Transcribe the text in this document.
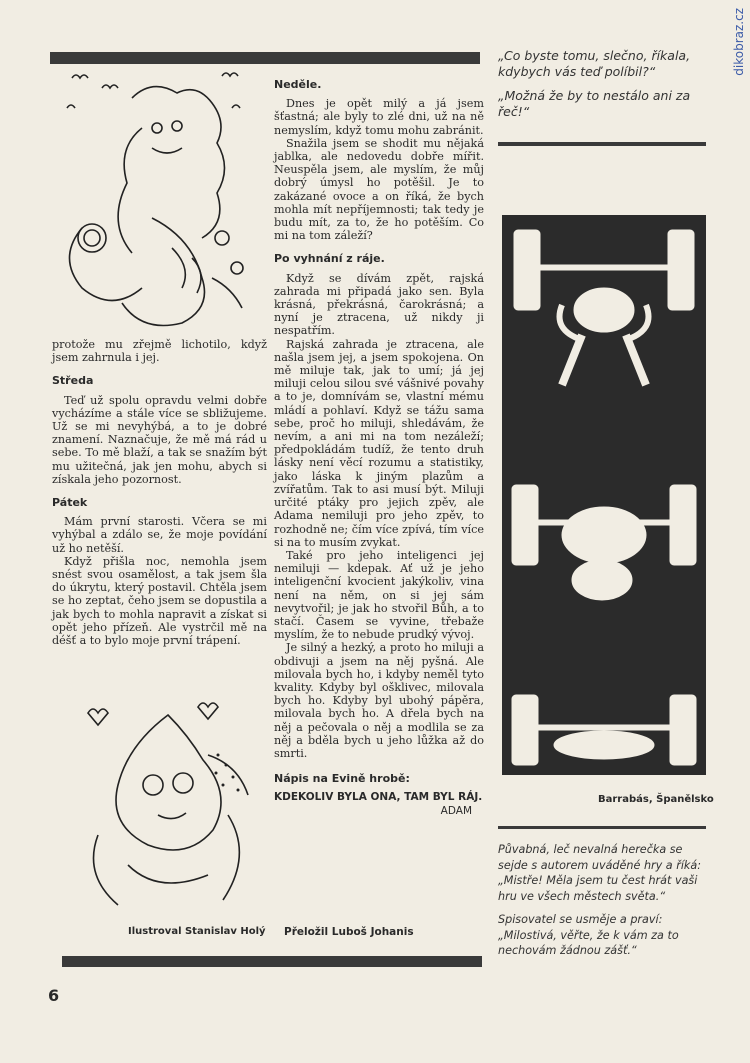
dikobraz.cz

protože mu zřejmě lichotilo, když jsem zahrnula i jej.

Středa

Teď už spolu opravdu velmi dobře vycházíme a stále více se sbližujeme. Už se mi nevyhýbá, a to je dobré znamení. Naznačuje, že mě má rád u sebe. To mě blaží, a tak se snažím být mu užitečná, jak jen mohu, abych si získala jeho pozornost.

Pátek

Mám první starosti. Včera se mi vyhýbal a zdálo se, že moje povídání už ho netěší.

Když přišla noc, nemohla jsem snést svou osamělost, a tak jsem šla do úkrytu, který postavil. Chtěla jsem se ho zeptat, čeho jsem se dopustila a jak bych to mohla napravit a získat si opět jeho přízeň. Ale vystrčil mě na déšť a to bylo moje první trápení.

Ilustroval Stanislav Holý
Neděle.

Dnes je opět milý a já jsem šťastná; ale byly to zlé dni, už na ně nemyslím, když tomu mohu zabránit.

Snažila jsem se shodit mu nějaká jablka, ale nedovedu dobře mířit. Neuspěla jsem, ale myslím, že můj dobrý úmysl ho potěšil. Je to zakázané ovoce a on říká, že bych mohla mít nepříjemnosti; tak tedy je budu mít, za to, že ho potěším. Co mi na tom záleží?

Po vyhnání z ráje.

Když se dívám zpět, rajská zahrada mi připadá jako sen. Byla krásná, překrásná, čarokrásná; a nyní je ztracena, už nikdy ji nespatřím.

Rajská zahrada je ztracena, ale našla jsem jej, a jsem spokojena. On mě miluje tak, jak to umí; já jej miluji celou silou své vášnivé povahy a to je, domnívám se, vlastní mému mládí a pohlaví. Když se tážu sama sebe, proč ho miluji, shledávám, že nevím, a ani mi na tom nezáleží; předpokládám tudíž, že tento druh lásky není věcí rozumu a statistiky, jako láska k jiným plazům a zvířatům. Tak to asi musí být. Miluji určité ptáky pro jejich zpěv, ale Adama nemiluji pro jeho zpěv, to rozhodně ne; čím více zpívá, tím více si na to musím zvykat.

Také pro jeho inteligenci jej nemiluji — kdepak. Ať už je jeho inteligenční kvocient jakýkoliv, vina není na něm, on si jej sám nevytvořil; je jak ho stvořil Bůh, a to stačí. Časem se vyvine, třebaže myslím, že to nebude prudký vývoj.

Je silný a hezký, a proto ho miluji a obdivuji a jsem na něj pyšná. Ale milovala bych ho, i kdyby neměl tyto kvality. Kdyby byl ošklivec, milovala bych ho. Kdyby byl ubohý pápěra, milovala bych ho. A dřela bych na něj a pečovala o něj a modlila se za něj a bděla bych u jeho lůžka až do smrti.

Nápis na Evině hrobě:
KDEKOLIV BYLA ONA, TAM BYL RÁJ.
ADAM
Přeložil Luboš Johanis

„Co byste tomu, slečno, říkala, kdybych vás teď políbil?“

„Možná že by to nestálo ani za řeč!“

Barrabás, Španělsko

Půvabná, leč nevalná herečka se sejde s autorem uváděné hry a říká: „Mistře! Měla jsem tu čest hrát vaši hru ve všech městech světa.“

Spisovatel se usměje a praví: „Milostivá, věřte, že k vám za to nechovám žádnou zášť.“

6
